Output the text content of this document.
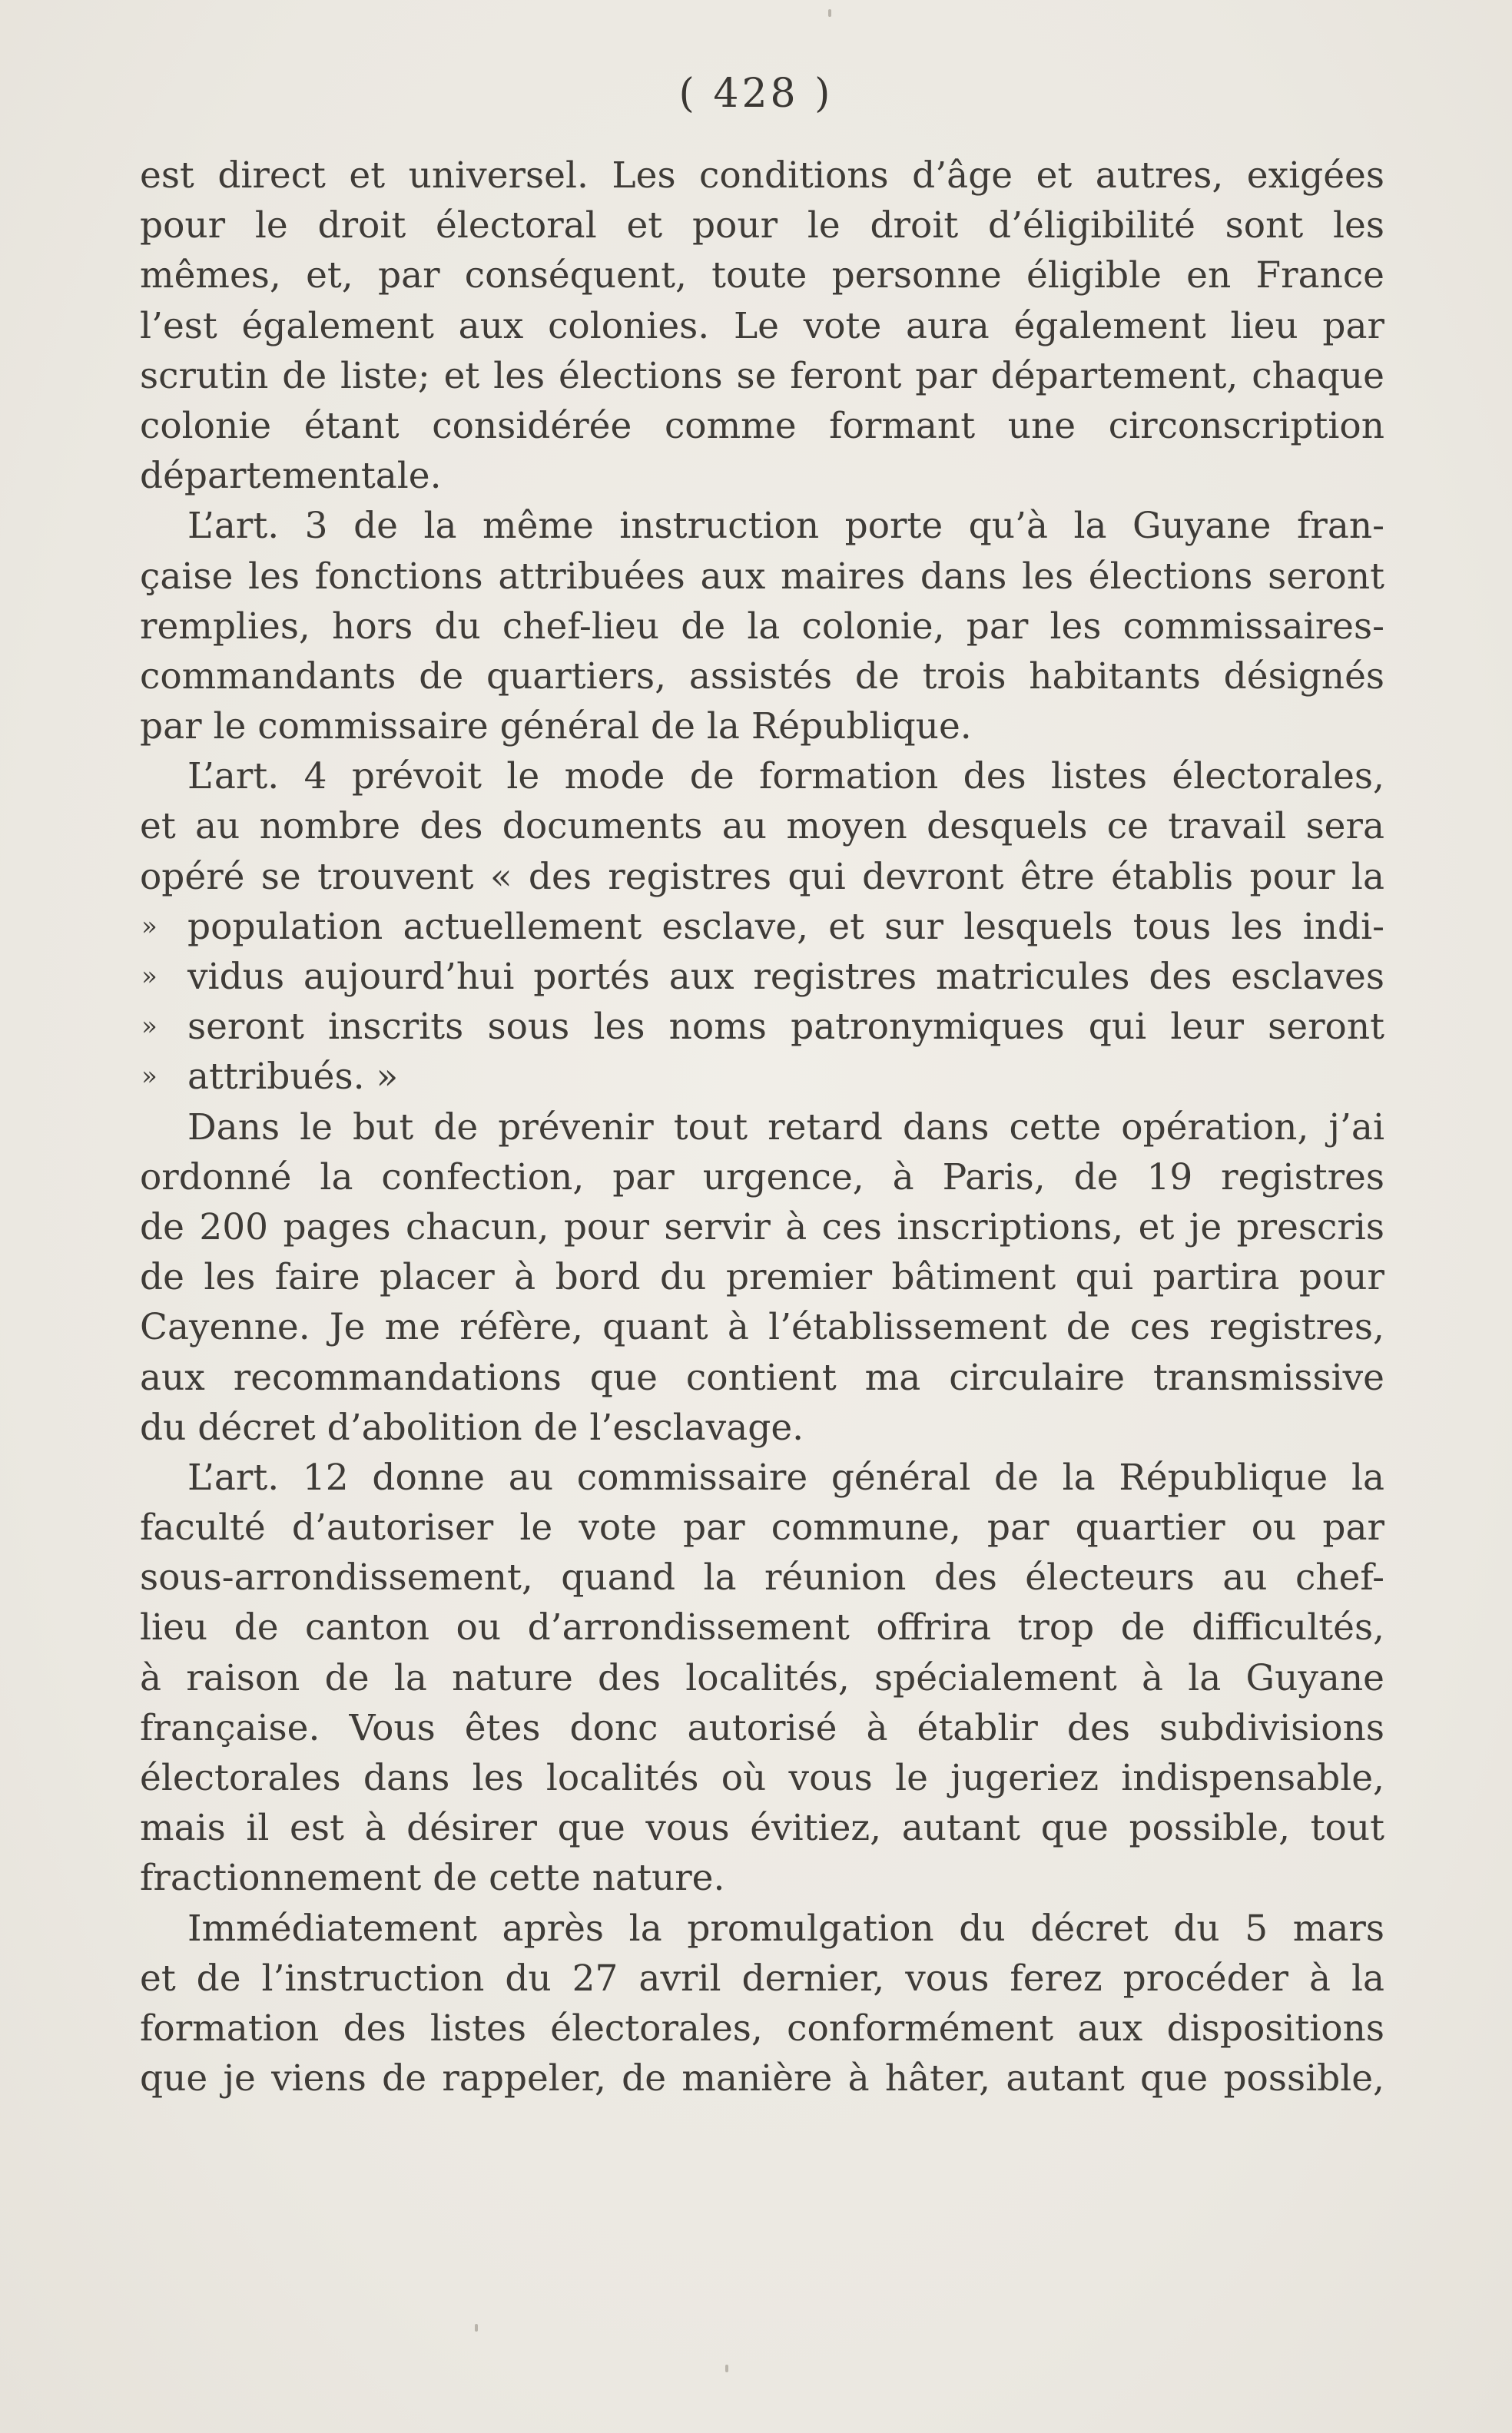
( 428 )
est direct et universel. Les conditions d’âge et autres, exigées
pour le droit électoral et pour le droit d’éligibilité sont les
mêmes, et, par conséquent, toute personne éligible en France
l’est également aux colonies. Le vote aura également lieu par
scrutin de liste; et les élections se feront par département, chaque
colonie étant considérée comme formant une circonscription
départementale.
L’art. 3 de la même instruction porte qu’à la Guyane fran-
çaise les fonctions attribuées aux maires dans les élections seront
remplies, hors du chef-lieu de la colonie, par les commissaires-
commandants de quartiers, assistés de trois habitants désignés
par le commissaire général de la République.
L’art. 4 prévoit le mode de formation des listes électorales,
et au nombre des documents au moyen desquels ce travail sera
opéré se trouvent « des registres qui devront être établis pour la
» population actuellement esclave, et sur lesquels tous les indi-
» vidus aujourd’hui portés aux registres matricules des esclaves
» seront inscrits sous les noms patronymiques qui leur seront
» attribués. »
Dans le but de prévenir tout retard dans cette opération, j’ai
ordonné la confection, par urgence, à Paris, de 19 registres
de 200 pages chacun, pour servir à ces inscriptions, et je prescris
de les faire placer à bord du premier bâtiment qui partira pour
Cayenne. Je me réfère, quant à l’établissement de ces registres,
aux recommandations que contient ma circulaire transmissive
du décret d’abolition de l’esclavage.
L’art. 12 donne au commissaire général de la République la
faculté d’autoriser le vote par commune, par quartier ou par
sous-arrondissement, quand la réunion des électeurs au chef-
lieu de canton ou d’arrondissement offrira trop de difficultés,
à raison de la nature des localités, spécialement à la Guyane
française. Vous êtes donc autorisé à établir des subdivisions
électorales dans les localités où vous le jugeriez indispensable,
mais il est à désirer que vous évitiez, autant que possible, tout
fractionnement de cette nature.
Immédiatement après la promulgation du décret du 5 mars
et de l’instruction du 27 avril dernier, vous ferez procéder à la
formation des listes électorales, conformément aux dispositions
que je viens de rappeler, de manière à hâter, autant que possible,
